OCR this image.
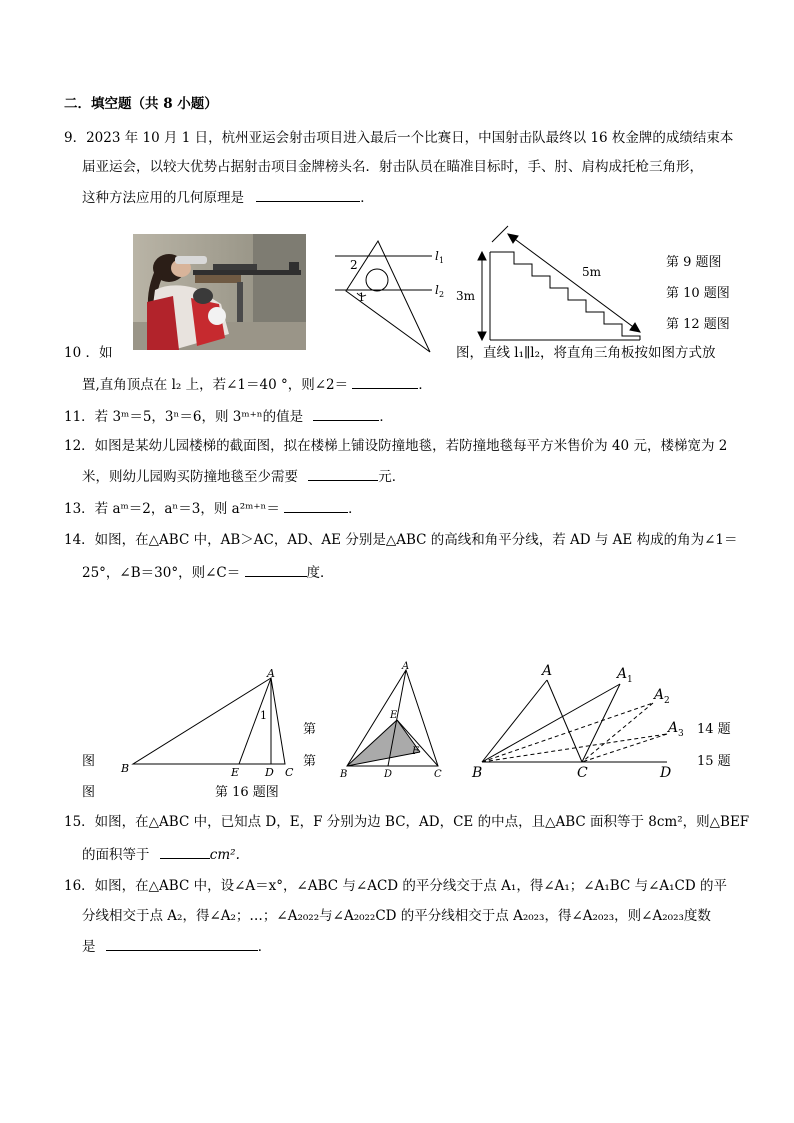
二．填空题（共 8 小题）
9．2023 年 10 月 1 日，杭州亚运会射击项目进入最后一个比赛日，中国射击队最终以 16 枚金牌的成绩结束本
届亚运会，以较大优势占据射击项目金牌榜头名．射击队员在瞄准目标时，手、肘、肩构成托枪三角形，
这种方法应用的几何原理是	．
2
1
l 1
l 2 3m
5m
第 9 题图
第 10 题图
第 12 题图
10 ．如	图，直线 l₁∥l₂，将直角三角板按如图方式放
置,直角顶点在 l₂ 上，若∠1＝40 °，则∠2＝	．
11．若 3ᵐ＝5，3ⁿ＝6，则 3ᵐ⁺ⁿ的值是	．
12．如图是某幼儿园楼梯的截面图，拟在楼梯上铺设防撞地毯，若防撞地毯每平方米售价为 40 元，楼梯宽为 2
米，则幼儿园购买防撞地毯至少需要	元．
13．若 aᵐ＝2，aⁿ＝3，则 a²ᵐ⁺ⁿ＝	．
14．如图，在△ABC 中，AB＞AC，AD、AE 分别是△ABC 的高线和角平分线，若 AD 与 AE 构成的角为∠1＝
25°，∠B＝30°，则∠C＝	度．
A
B	C
D
E
1
A
B	C
D
E
F
A	A 1
A 2
A 3
B	C	D
第
第
14 题
15 题
图
图	第 16 题图
15．如图，在△ABC 中，已知点 D，E，F 分别为边 BC，AD，CE 的中点，且△ABC 面积等于 8cm²，则△BEF
的面积等于	cm².
16．如图，在△ABC 中，设∠A＝x°，∠ABC 与∠ACD 的平分线交于点 A₁，得∠A₁；∠A₁BC 与∠A₁CD 的平
分线相交于点 A₂，得∠A₂；…；∠A₂₀₂₂与∠A₂₀₂₂CD 的平分线相交于点 A₂₀₂₃，得∠A₂₀₂₃，则∠A₂₀₂₃度数
是	．
